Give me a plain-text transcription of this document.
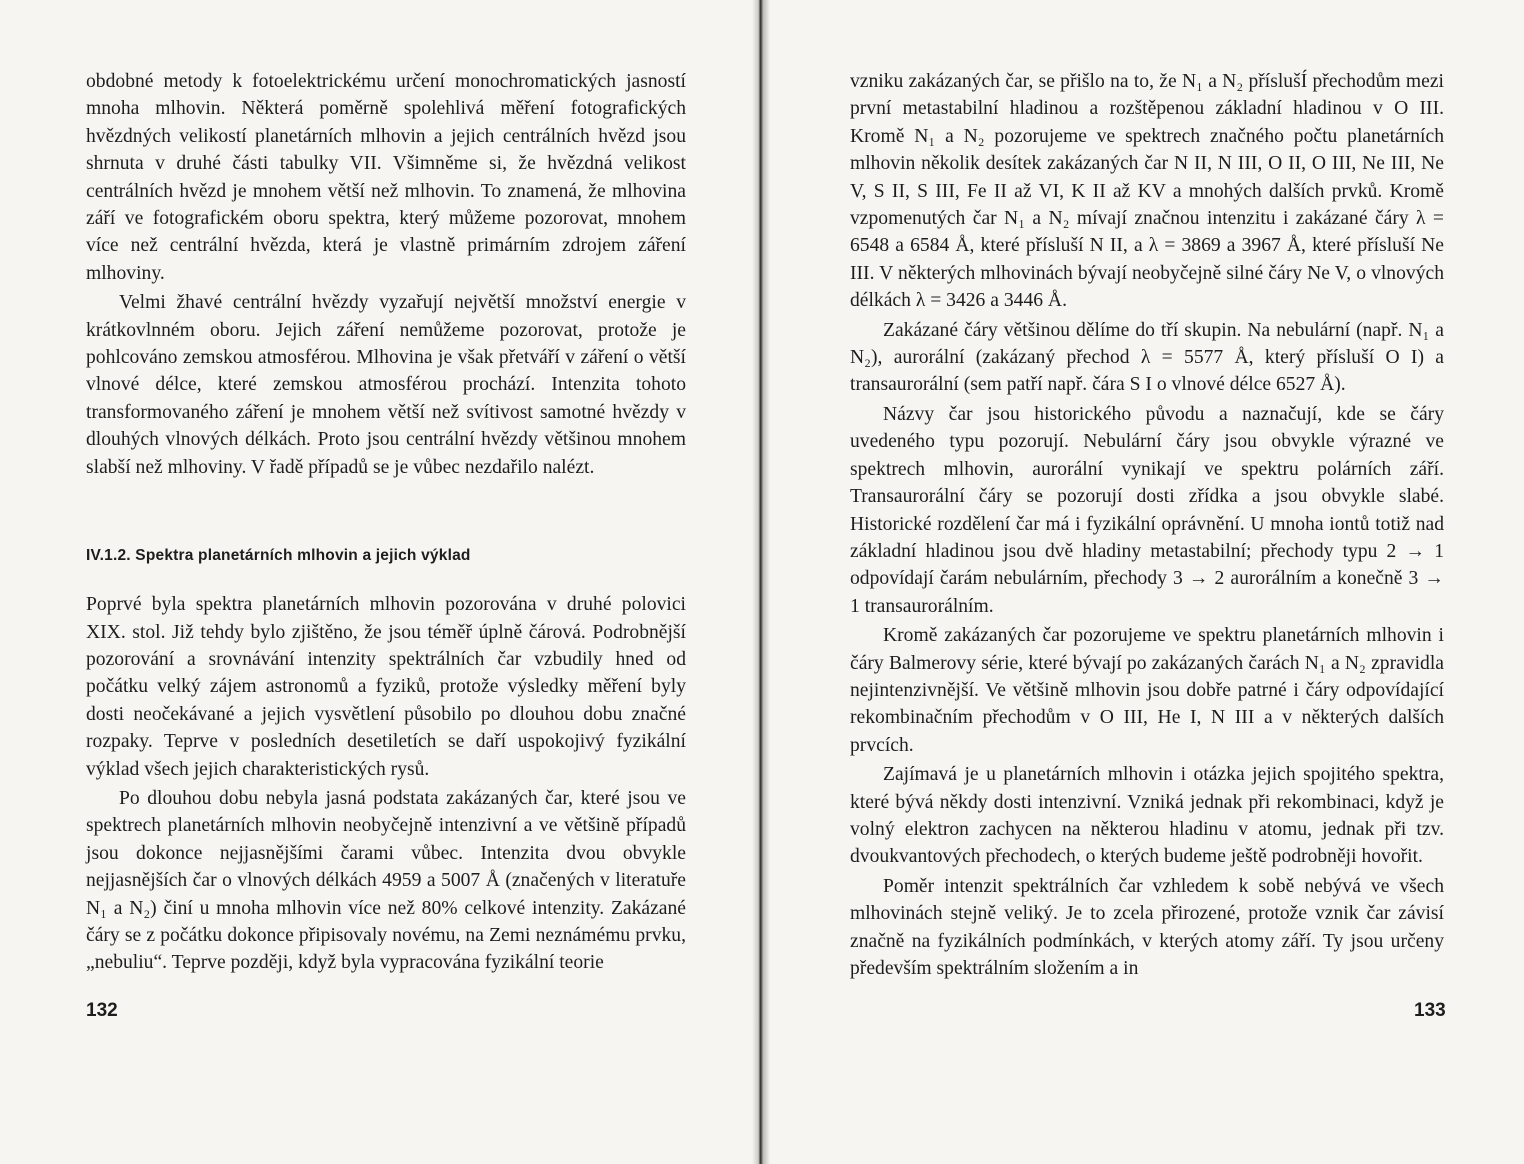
obdobné metody k fotoelektrickému určení monochromatických jasností mnoha mlhovin. Některá poměrně spolehlivá měření fotografických hvězdných velikostí planetárních mlhovin a jejich centrálních hvězd jsou shrnuta v druhé části tabulky VII. Všimněme si, že hvězdná velikost centrálních hvězd je mnohem větší než mlhovin. To znamená, že mlhovina září ve fotografickém oboru spektra, který můžeme pozorovat, mnohem více než centrální hvězda, která je vlastně primárním zdrojem záření mlhoviny.

Velmi žhavé centrální hvězdy vyzařují největší množství energie v krátkovlnném oboru. Jejich záření nemůžeme pozorovat, protože je pohlcováno zemskou atmosférou. Mlhovina je však přetváří v záření o větší vlnové délce, které zemskou atmosférou prochází. Intenzita tohoto transformovaného záření je mnohem větší než svítivost samotné hvězdy v dlouhých vlnových délkách. Proto jsou centrální hvězdy většinou mnohem slabší než mlhoviny. V řadě případů se je vůbec nezdařilo nalézt.

IV.1.2. Spektra planetárních mlhovin a jejich výklad

Poprvé byla spektra planetárních mlhovin pozorována v druhé polovici XIX. stol. Již tehdy bylo zjištěno, že jsou téměř úplně čárová. Podrobnější pozorování a srovnávání intenzity spektrálních čar vzbudily hned od počátku velký zájem astronomů a fyziků, protože výsledky měření byly dosti neočekávané a jejich vysvětlení působilo po dlouhou dobu značné rozpaky. Teprve v posledních desetiletích se daří uspokojivý fyzikální výklad všech jejich charakteristických rysů.

Po dlouhou dobu nebyla jasná podstata zakázaných čar, které jsou ve spektrech planetárních mlhovin neobyčejně intenzivní a ve většině případů jsou dokonce nejjasnějšími čarami vůbec. Intenzita dvou obvykle nejjasnějších čar o vlnových délkách 4959 a 5007 Å (značených v literatuře N₁ a N₂) činí u mnoha mlhovin více než 80% celkové intenzity. Zakázané čáry se z počátku dokonce připisovaly novému, na Zemi neznámému prvku, „nebuliu“. Teprve později, když byla vypracována fyzikální teorie

132

vzniku zakázaných čar, se přišlo na to, že N₁ a N₂ příslušÍ přechodům mezi první metastabilní hladinou a rozštěpenou základní hladinou v O III. Kromě N₁ a N₂ pozorujeme ve spektrech značného počtu planetárních mlhovin několik desítek zakázaných čar N II, N III, O II, O III, Ne III, Ne V, S II, S III, Fe II až VI, K II až KV a mnohých dalších prvků. Kromě vzpomenutých čar N₁ a N₂ mívají značnou intenzitu i zakázané čáry λ = 6548 a 6584 Å, které přísluší N II, a λ = 3869 a 3967 Å, které přísluší Ne III. V některých mlhovinách bývají neobyčejně silné čáry Ne V, o vlnových délkách λ = 3426 a 3446 Å.

Zakázané čáry většinou dělíme do tří skupin. Na nebulární (např. N₁ a N₂), aurorální (zakázaný přechod λ = 5577 Å, který přísluší O I) a transaurorální (sem patří např. čára S I o vlnové délce 6527 Å).

Názvy čar jsou historického původu a naznačují, kde se čáry uvedeného typu pozorují. Nebulární čáry jsou obvykle výrazné ve spektrech mlhovin, aurorální vynikají ve spektru polárních září. Transaurorální čáry se pozorují dosti zřídka a jsou obvykle slabé. Historické rozdělení čar má i fyzikální oprávnění. U mnoha iontů totiž nad základní hladinou jsou dvě hladiny metastabilní; přechody typu 2 → 1 odpovídají čarám nebulárním, přechody 3 → 2 aurorálním a konečně 3 → 1 transaurorálním.

Kromě zakázaných čar pozorujeme ve spektru planetárních mlhovin i čáry Balmerovy série, které bývají po zakázaných čarách N₁ a N₂ zpravidla nejintenzivnější. Ve většině mlhovin jsou dobře patrné i čáry odpovídající rekombinačním přechodům v O III, He I, N III a v některých dalších prvcích.

Zajímavá je u planetárních mlhovin i otázka jejich spojitého spektra, které bývá někdy dosti intenzivní. Vzniká jednak při rekombinaci, když je volný elektron zachycen na některou hladinu v atomu, jednak při tzv. dvoukvantových přechodech, o kterých budeme ještě podrobněji hovořit.

Poměr intenzit spektrálních čar vzhledem k sobě nebývá ve všech mlhovinách stejně veliký. Je to zcela přirozené, protože vznik čar závisí značně na fyzikálních podmínkách, v kterých atomy září. Ty jsou určeny především spektrálním složením a in

133
